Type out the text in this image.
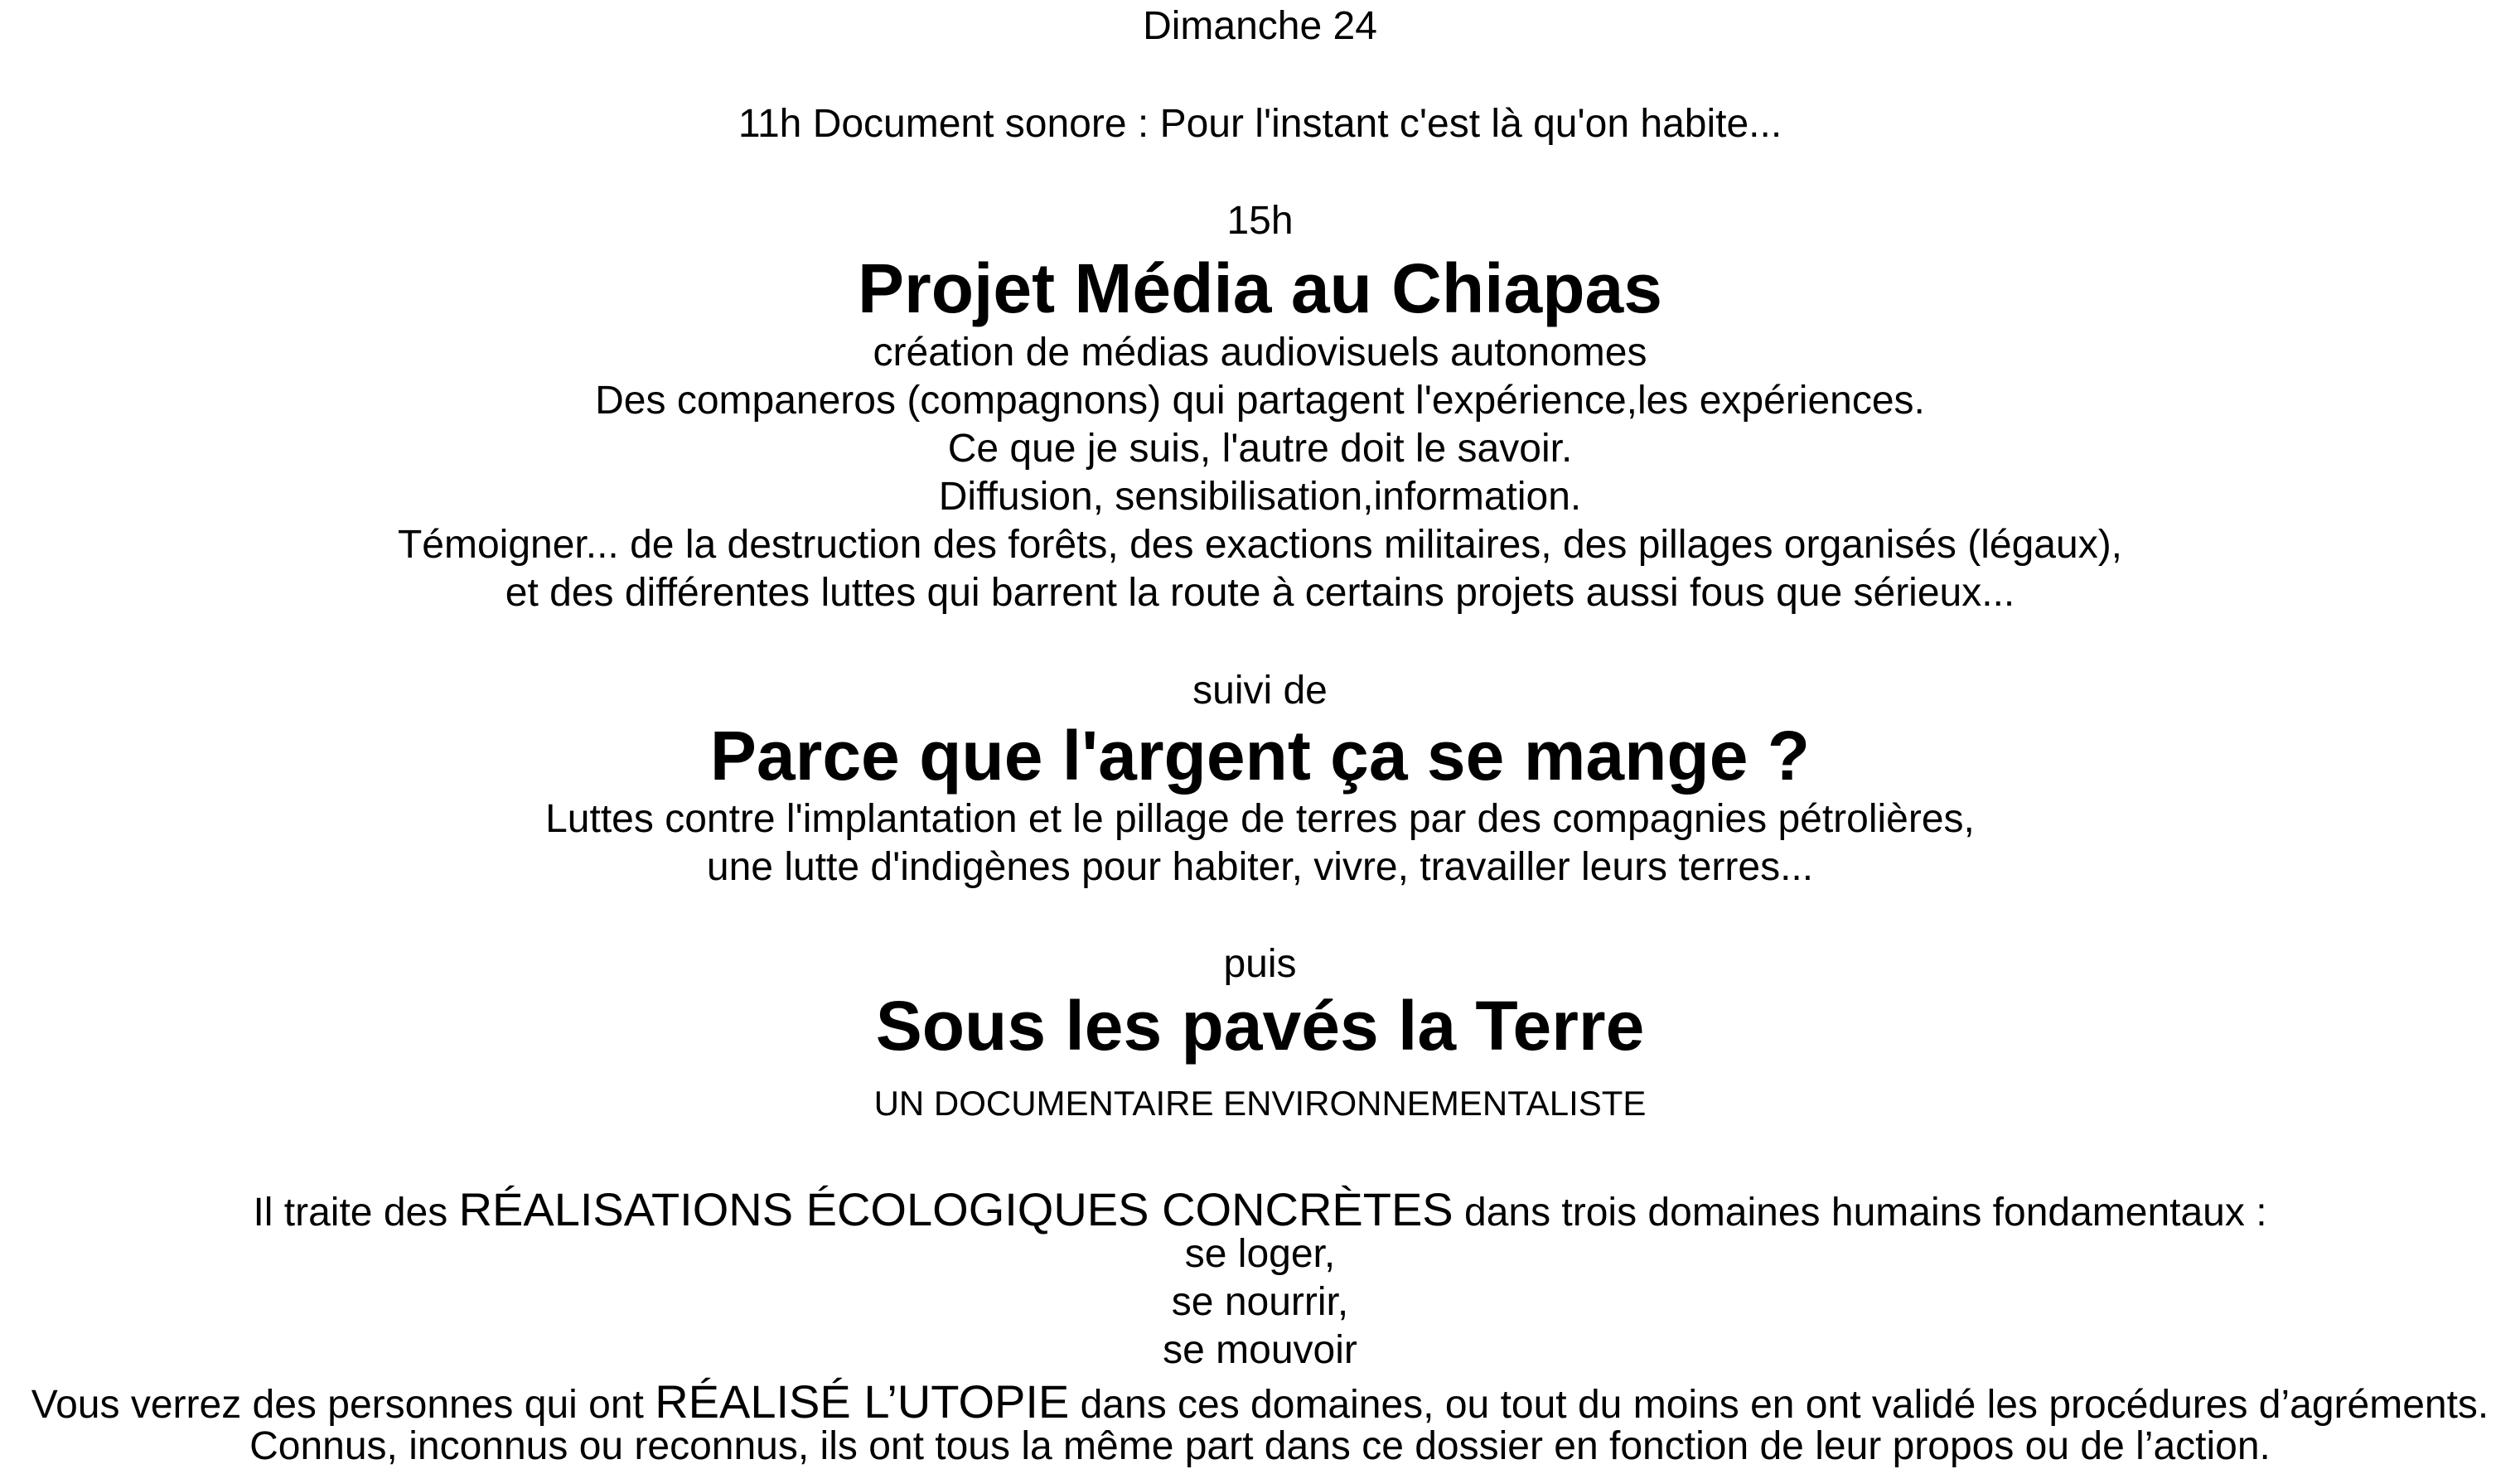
Dimanche 24
11h Document sonore : Pour l'instant c'est là qu'on habite...
15h
Projet Média au Chiapas
création de médias audiovisuels autonomes
Des companeros (compagnons) qui partagent l'expérience,les expériences.
Ce que je suis, l'autre doit le savoir.
Diffusion, sensibilisation,information.
Témoigner... de la destruction des forêts, des exactions militaires, des pillages organisés (légaux),
et des différentes luttes qui barrent la route à certains projets aussi fous que sérieux...
suivi de
Parce que l'argent ça se mange ?
Luttes contre l'implantation et le pillage de terres par des compagnies pétrolières,
une lutte d'indigènes pour habiter, vivre, travailler leurs terres...
puis
Sous les pavés la Terre
UN DOCUMENTAIRE ENVIRONNEMENTALISTE
Il traite des RÉALISATIONS ÉCOLOGIQUES CONCRÈTES dans trois domaines humains fondamentaux :
se loger,
se nourrir,
se mouvoir
Vous verrez des personnes qui ont RÉALISÉ L’UTOPIE dans ces domaines, ou tout du moins en ont validé les procédures d’agréments.
Connus, inconnus ou reconnus, ils ont tous la même part dans ce dossier en fonction de leur propos ou de l’action.
